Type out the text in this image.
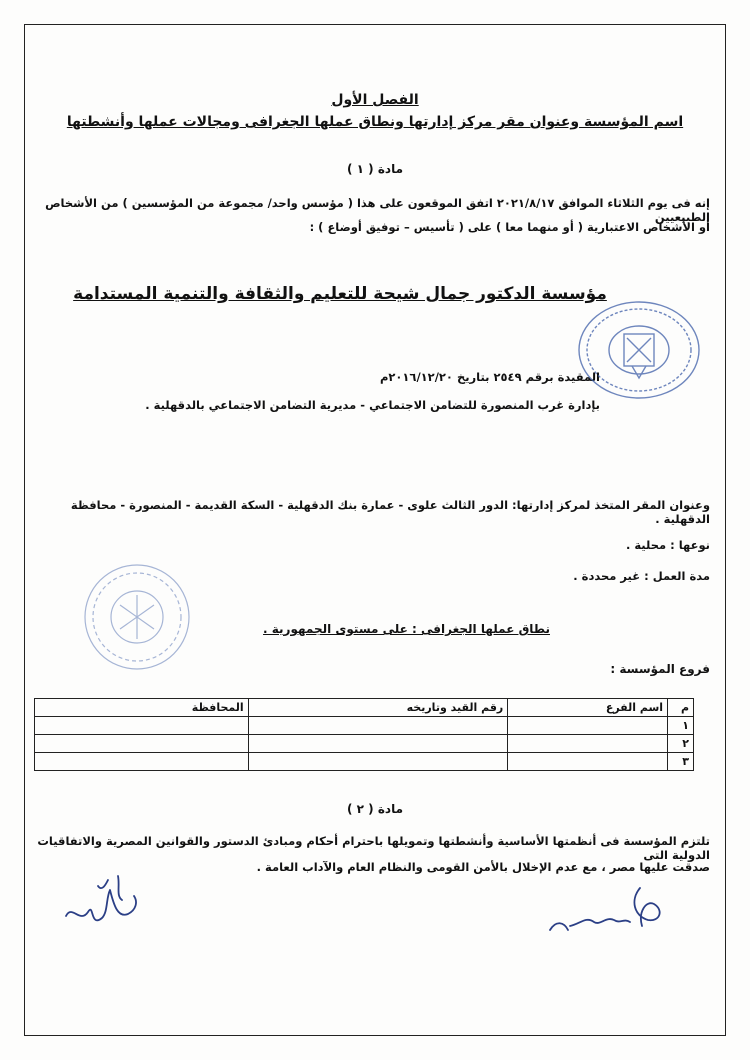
الفصل الأول
اسم المؤسسة وعنوان مقر مركز إدارتها ونطاق عملها الجغرافى ومجالات عملها وأنشطتها
مادة ( ١ )
إنه فى يوم الثلاثاء الموافق ٢٠٢١/٨/١٧ اتفق الموقعون على هذا ( مؤسس واحد/ مجموعة من المؤسسين ) من الأشخاص الطبيعيين
أو الأشخاص الاعتبارية ( أو منهما معا ) على ( تأسيس – توفيق أوضاع ) :
مؤسسة الدكتور جمال شيحة للتعليم والثقافة والتنمية المستدامة
المقيدة برقم ٢٥٤٩ بتاريخ ٢٠١٦/١٢/٢٠م
بإدارة غرب المنصورة للتضامن الاجتماعي - مديرية التضامن الاجتماعي بالدقهلية .
وعنوان المقر المتخذ لمركز إدارتها: الدور الثالث علوى - عمارة بنك الدقهلية - السكة القديمة - المنصورة - محافظة الدقهلية .
نوعها : محلية .
مدة العمل : غير محددة .
نطاق عملها الجغرافى : على مستوى الجمهورية .
فروع المؤسسة :
م	اسم الفرع	رقم القيد وتاريخه	المحافظة
١			
٢			
٣			
مادة ( ٢ )
تلتزم المؤسسة فى أنظمتها الأساسية وأنشطتها وتمويلها باحترام أحكام ومبادئ الدستور والقوانين المصرية والاتفاقيات الدولية التى
صدقت عليها مصر ، مع عدم الإخلال بالأمن القومى والنظام العام والآداب العامة .
